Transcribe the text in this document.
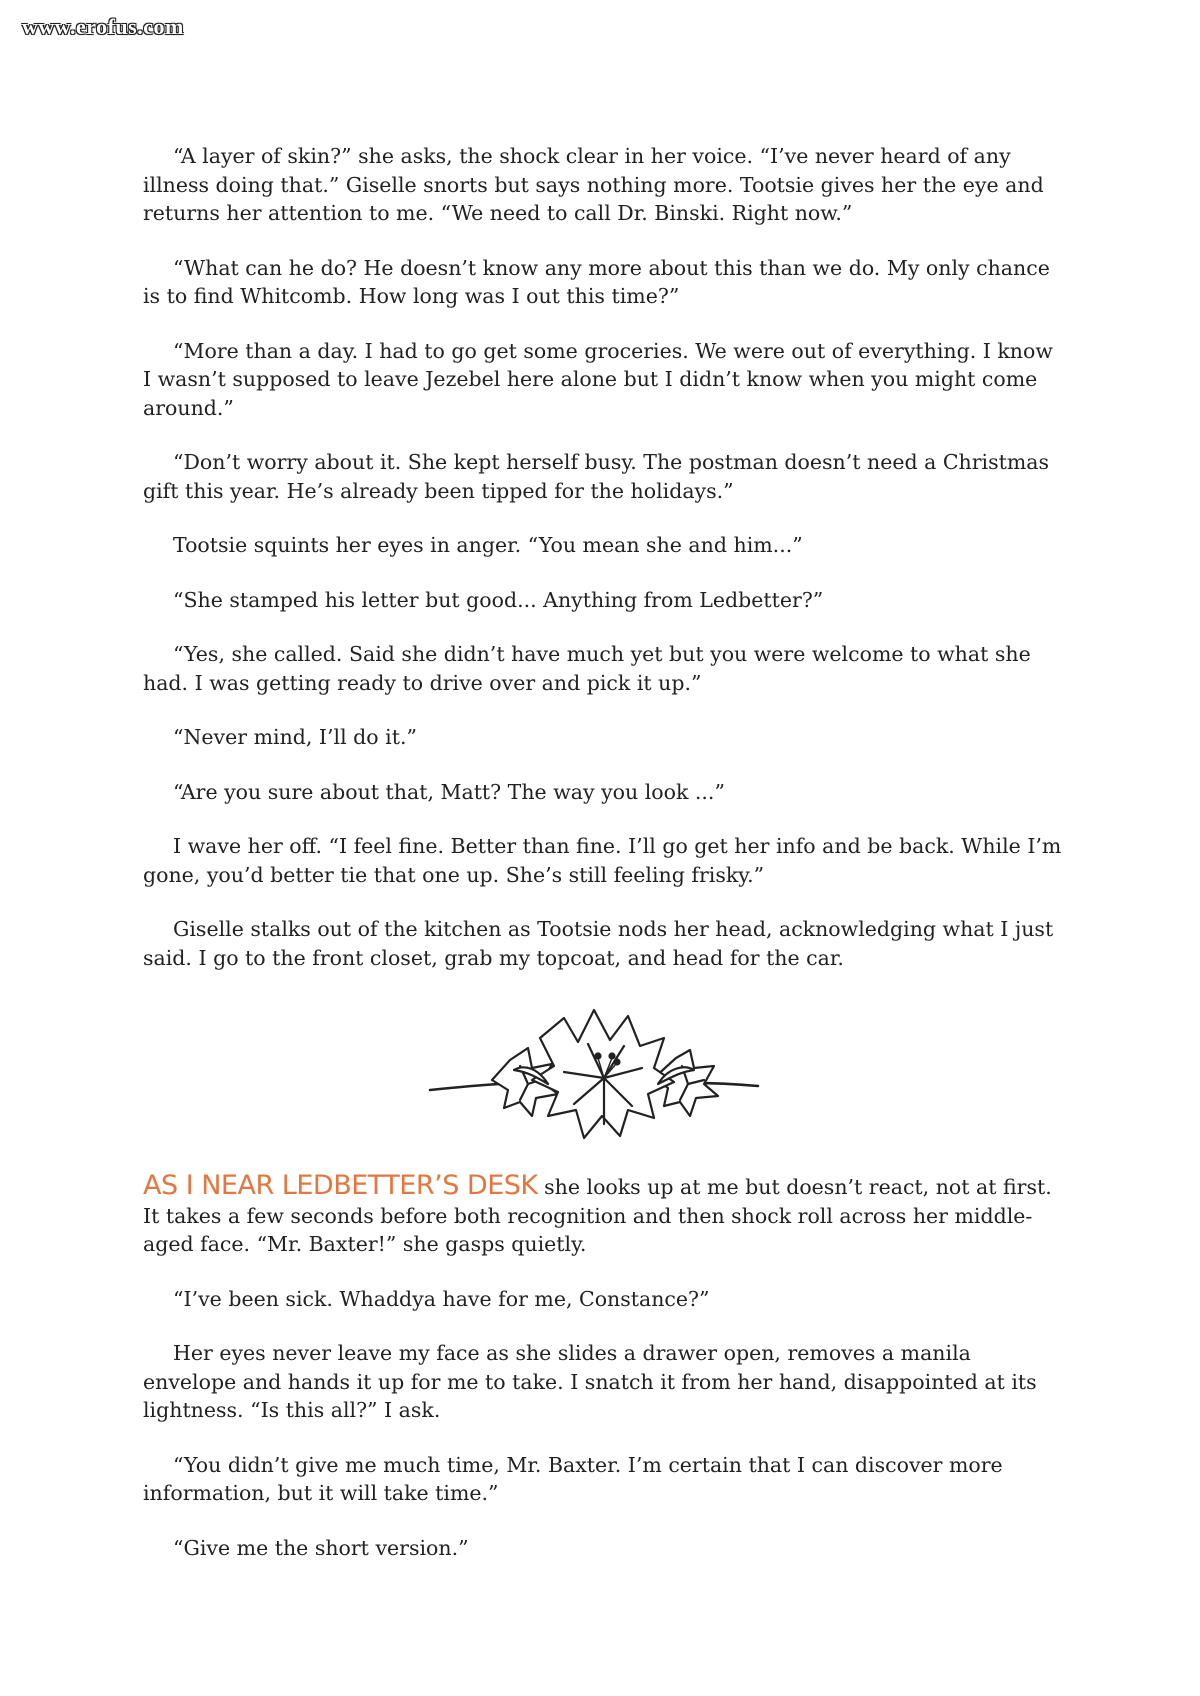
www.erofus.com

“A layer of skin?” she asks, the shock clear in her voice. “I’ve never heard of any illness doing that.” Giselle snorts but says nothing more. Tootsie gives her the eye and returns her attention to me. “We need to call Dr. Binski. Right now.”

“What can he do? He doesn’t know any more about this than we do. My only chance is to find Whitcomb. How long was I out this time?”

“More than a day. I had to go get some groceries. We were out of everything. I know I wasn’t supposed to leave Jezebel here alone but I didn’t know when you might come around.”

“Don’t worry about it. She kept herself busy. The postman doesn’t need a Christmas gift this year. He’s already been tipped for the holidays.”

Tootsie squints her eyes in anger. “You mean she and him...”

“She stamped his letter but good... Anything from Ledbetter?”

“Yes, she called. Said she didn’t have much yet but you were welcome to what she had. I was getting ready to drive over and pick it up.”

“Never mind, I’ll do it.”

“Are you sure about that, Matt? The way you look ...”

I wave her off. “I feel fine. Better than fine. I’ll go get her info and be back. While I’m gone, you’d better tie that one up. She’s still feeling frisky.”

Giselle stalks out of the kitchen as Tootsie nods her head, acknowledging what I just said. I go to the front closet, grab my topcoat, and head for the car.

AS I NEAR LEDBETTER’S DESK she looks up at me but doesn’t react, not at first. It takes a few seconds before both recognition and then shock roll across her middle-aged face. “Mr. Baxter!” she gasps quietly.

“I’ve been sick. Whaddya have for me, Constance?”

Her eyes never leave my face as she slides a drawer open, removes a manila envelope and hands it up for me to take. I snatch it from her hand, disappointed at its lightness. “Is this all?” I ask.

“You didn’t give me much time, Mr. Baxter. I’m certain that I can discover more information, but it will take time.”

“Give me the short version.”
